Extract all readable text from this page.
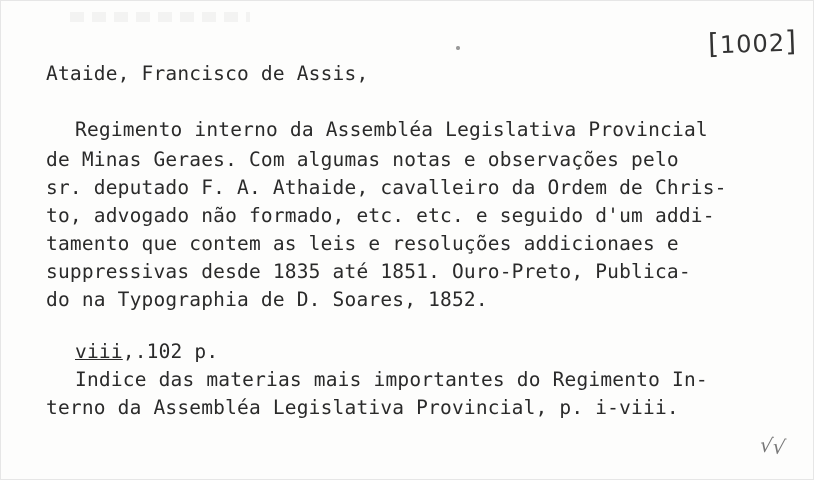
[1002]
Ataide, Francisco de Assis,
Regimento interno da Assembléa Legislativa Provincial
de Minas Geraes. Com algumas notas e observações pelo
sr. deputado F. A. Athaide, cavalleiro da Ordem de Chris-
to, advogado não formado, etc. etc. e seguido d'um addi-
tamento que contem as leis e resoluções addicionaes e
suppressivas desde 1835 até 1851. Ouro-Preto, Publica-
do na Typographia de D. Soares, 1852.
viii,.102 p.
Indice das materias mais importantes do Regimento In-
terno da Assembléa Legislativa Provincial, p. i-viii.
√√
